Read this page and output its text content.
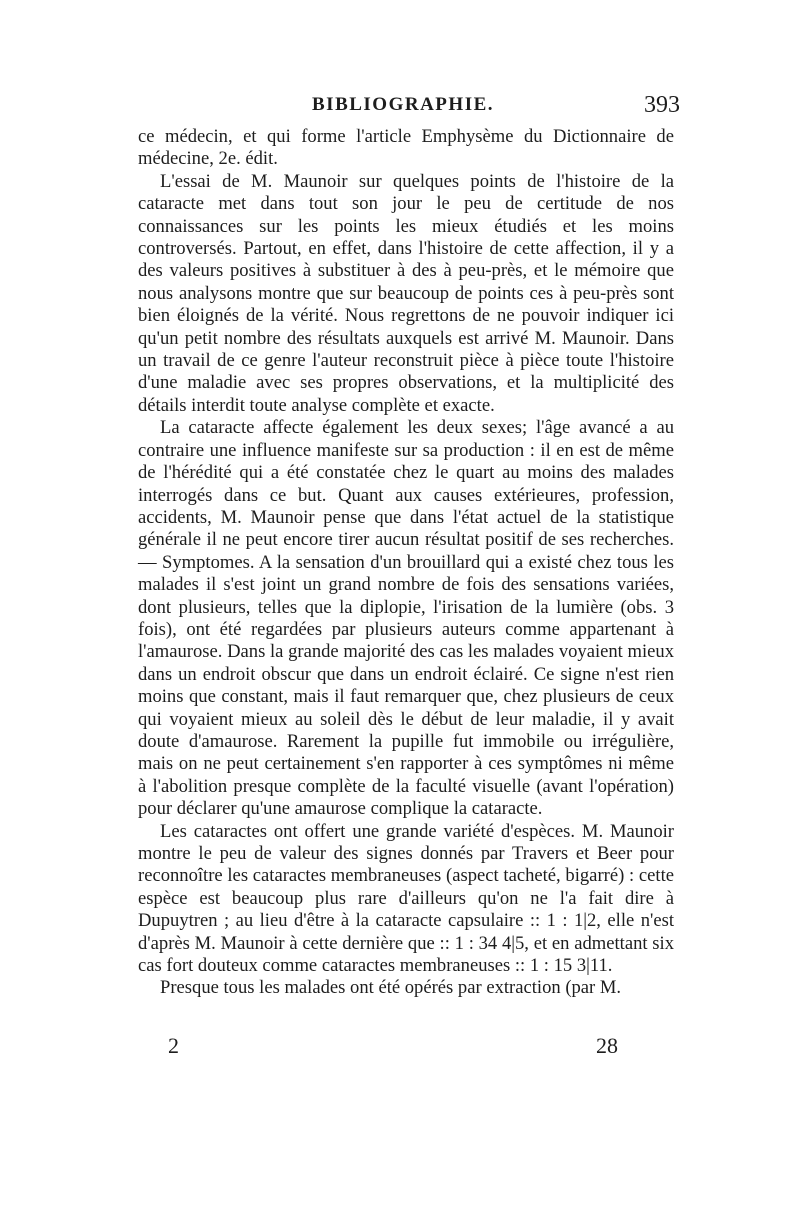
BIBLIOGRAPHIE.	393

ce médecin, et qui forme l'article Emphysème du Dictionnaire de médecine, 2e. édit.

L'essai de M. Maunoir sur quelques points de l'histoire de la cataracte met dans tout son jour le peu de certitude de nos connaissances sur les points les mieux étudiés et les moins controversés. Partout, en effet, dans l'histoire de cette affection, il y a des valeurs positives à substituer à des à peu-près, et le mémoire que nous analysons montre que sur beaucoup de points ces à peu-près sont bien éloignés de la vérité. Nous regrettons de ne pouvoir indiquer ici qu'un petit nombre des résultats auxquels est arrivé M. Maunoir. Dans un travail de ce genre l'auteur reconstruit pièce à pièce toute l'histoire d'une maladie avec ses propres observations, et la multiplicité des détails interdit toute analyse complète et exacte.

La cataracte affecte également les deux sexes; l'âge avancé a au contraire une influence manifeste sur sa production : il en est de même de l'hérédité qui a été constatée chez le quart au moins des malades interrogés dans ce but. Quant aux causes extérieures, profession, accidents, M. Maunoir pense que dans l'état actuel de la statistique générale il ne peut encore tirer aucun résultat positif de ses recherches. — Symptomes. A la sensation d'un brouillard qui a existé chez tous les malades il s'est joint un grand nombre de fois des sensations variées, dont plusieurs, telles que la diplopie, l'irisation de la lumière (obs. 3 fois), ont été regardées par plusieurs auteurs comme appartenant à l'amaurose. Dans la grande majorité des cas les malades voyaient mieux dans un endroit obscur que dans un endroit éclairé. Ce signe n'est rien moins que constant, mais il faut remarquer que, chez plusieurs de ceux qui voyaient mieux au soleil dès le début de leur maladie, il y avait doute d'amaurose. Rarement la pupille fut immobile ou irrégulière, mais on ne peut certainement s'en rapporter à ces symptômes ni même à l'abolition presque complète de la faculté visuelle (avant l'opération) pour déclarer qu'une amaurose complique la cataracte.

Les cataractes ont offert une grande variété d'espèces. M. Maunoir montre le peu de valeur des signes donnés par Travers et Beer pour reconnoître les cataractes membraneuses (aspect tacheté, bigarré) : cette espèce est beaucoup plus rare d'ailleurs qu'on ne l'a fait dire à Dupuytren ; au lieu d'être à la cataracte capsulaire :: 1 : 1|2, elle n'est d'après M. Maunoir à cette dernière que :: 1 : 34 4|5, et en admettant six cas fort douteux comme cataractes membraneuses :: 1 : 15 3|11.

Presque tous les malades ont été opérés par extraction (par M.

2	28
